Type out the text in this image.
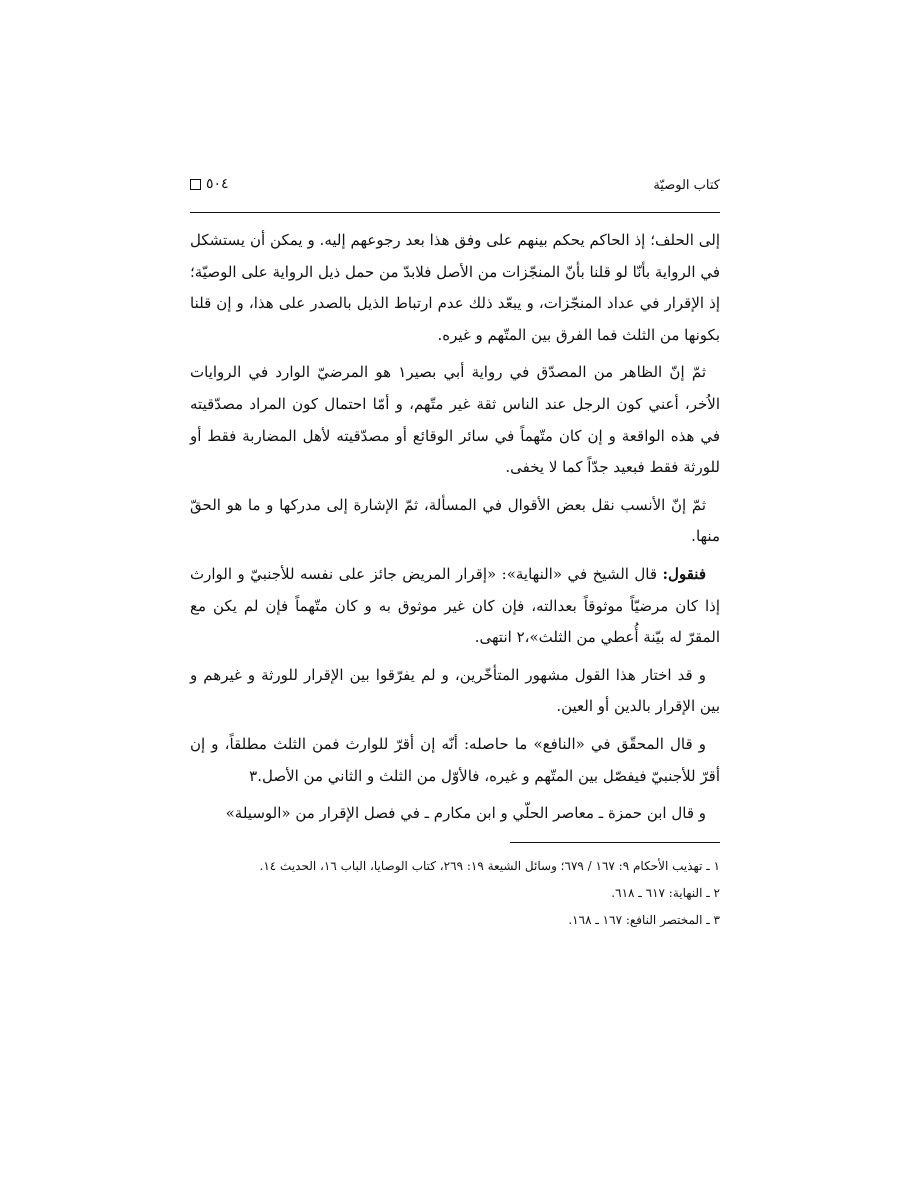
كتاب الوصيّة
٥٠٤

إلى الحلف؛ إذ الحاكم يحكم بينهم على وفق هذا بعد رجوعهم إليه. و يمكن أن يستشكل في الرواية بأنّا لو قلنا بأنّ المنجّزات من الأصل فلابدّ من حمل ذيل الرواية على الوصيّة؛ إذ الإقرار في عداد المنجّزات، و يبعّد ذلك عدم ارتباط الذيل بالصدر على هذا، و إن قلنا بكونها من الثلث فما الفرق بين المتّهم و غيره.

ثمّ إنّ الظاهر من المصدّق في رواية أبي بصير١ هو المرضيّ الوارد في الروايات الاُخر، أعني كون الرجل عند الناس ثقة غير متّهم، و أمّا احتمال كون المراد مصدّقيته في هذه الواقعة و إن كان متّهماً في سائر الوقائع أو مصدّقيته لأهل المضاربة فقط أو للورثة فقط فبعيد جدّاً كما لا يخفى.

ثمّ إنّ الأنسب نقل بعض الأقوال في المسألة، ثمّ الإشارة إلى مدركها و ما هو الحقّ منها.

فنقول: قال الشيخ في «النهاية»: «إقرار المريض جائز على نفسه للأجنبيّ و الوارث إذا كان مرضيّاً موثوقاً بعدالته، فإن كان غير موثوق به و كان متّهماً فإن لم يكن مع المقرّ له بيّنة أُعطي من الثلث»،٢ انتهى.

و قد اختار هذا القول مشهور المتأخّرين، و لم يفرّقوا بين الإقرار للورثة و غيرهم و بين الإقرار بالدين أو العين.

و قال المحقّق في «النافع» ما حاصله: أنّه إن أقرّ للوارث فمن الثلث مطلقاً، و إن أقرّ للأجنبيّ فيفصّل بين المتّهم و غيره، فالأوّل من الثلث و الثاني من الأصل.٣

و قال ابن حمزة ـ معاصر الحلّي و ابن مكارم ـ في فصل الإقرار من «الوسيلة»

١ ـ تهذيب الأحكام ٩: ١٦٧ / ٦٧٩؛ وسائل الشيعة ١٩: ٢٦٩، كتاب الوصايا، الباب ١٦، الحديث ١٤.
٢ ـ النهاية: ٦١٧ ـ ٦١٨.
٣ ـ المختصر النافع: ١٦٧ ـ ١٦٨.
